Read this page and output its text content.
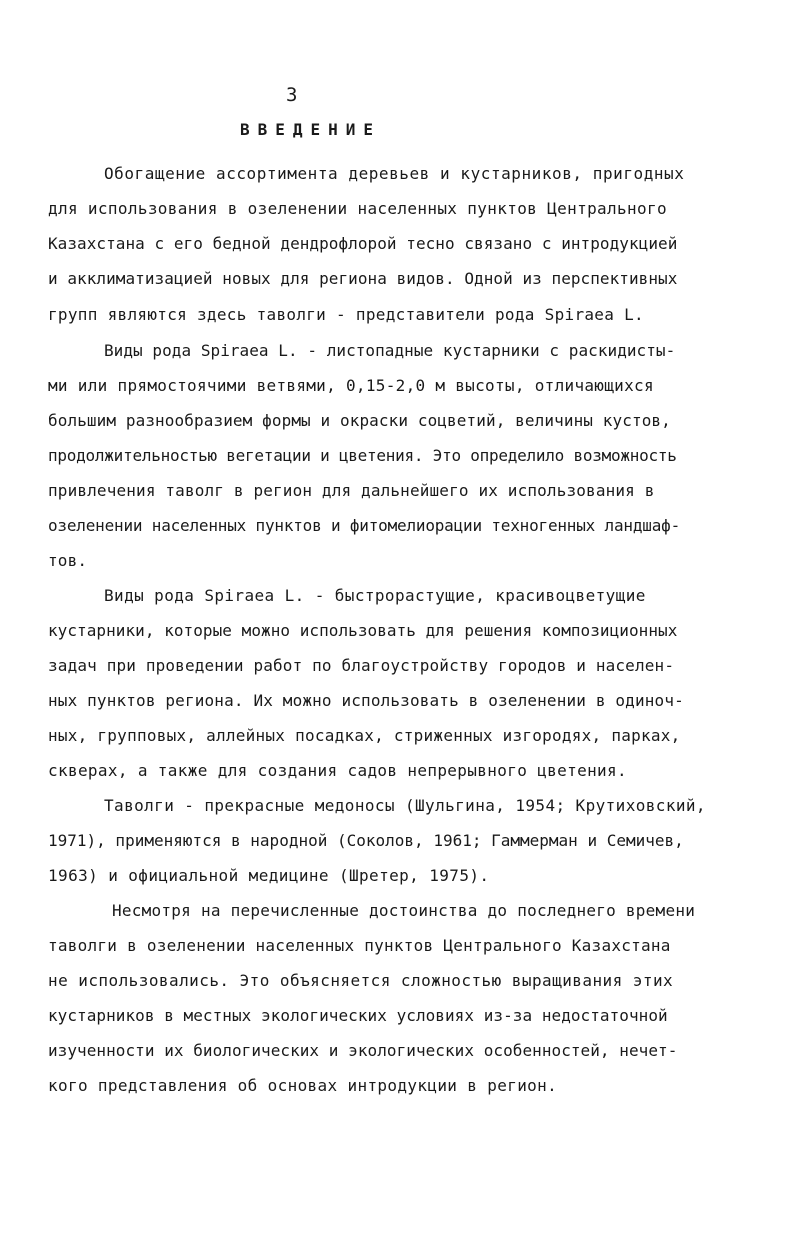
3

ВВЕДЕНИЕ

Обогащение ассортимента деревьев и кустарников, пригодных

для использования в озеленении населенных пунктов Центрального

Казахстана с его бедной дендрофлорой тесно связано с интродукцией

и акклиматизацией новых для региона видов. Одной из перспективных

групп являются здесь таволги - представители рода Spiraea L.

Виды рода Spiraea L. - листопадные кустарники с раскидисты-

ми или прямостоячими ветвями, 0,15-2,0 м высоты, отличающихся

большим разнообразием формы и окраски соцветий, величины кустов,

продолжительностью вегетации и цветения. Это определило возможность

привлечения таволг в регион для дальнейшего их использования в

озеленении населенных пунктов и фитомелиорации техногенных ландшаф-

тов.

Виды рода Spiraea L. - быстрорастущие, красивоцветущие

кустарники, которые можно использовать для решения композиционных

задач при проведении работ по благоустройству городов и населен-

ных пунктов региона. Их можно использовать в озеленении в одиноч-

ных, групповых, аллейных посадках, стриженных изгородях, парках,

скверах, а также для создания садов непрерывного цветения.

Таволги - прекрасные медоносы (Шульгина, 1954; Крутиховский,

1971), применяются в народной (Соколов, 1961; Гаммерман и Семичев,

1963) и официальной медицине (Шретер, 1975).

Несмотря на перечисленные достоинства до последнего времени

таволги в озеленении населенных пунктов Центрального Казахстана

не использовались. Это объясняется сложностью выращивания этих

кустарников в местных экологических условиях из-за недостаточной

изученности их биологических и экологических особенностей, нечет-

кого представления об основах интродукции в регион.
